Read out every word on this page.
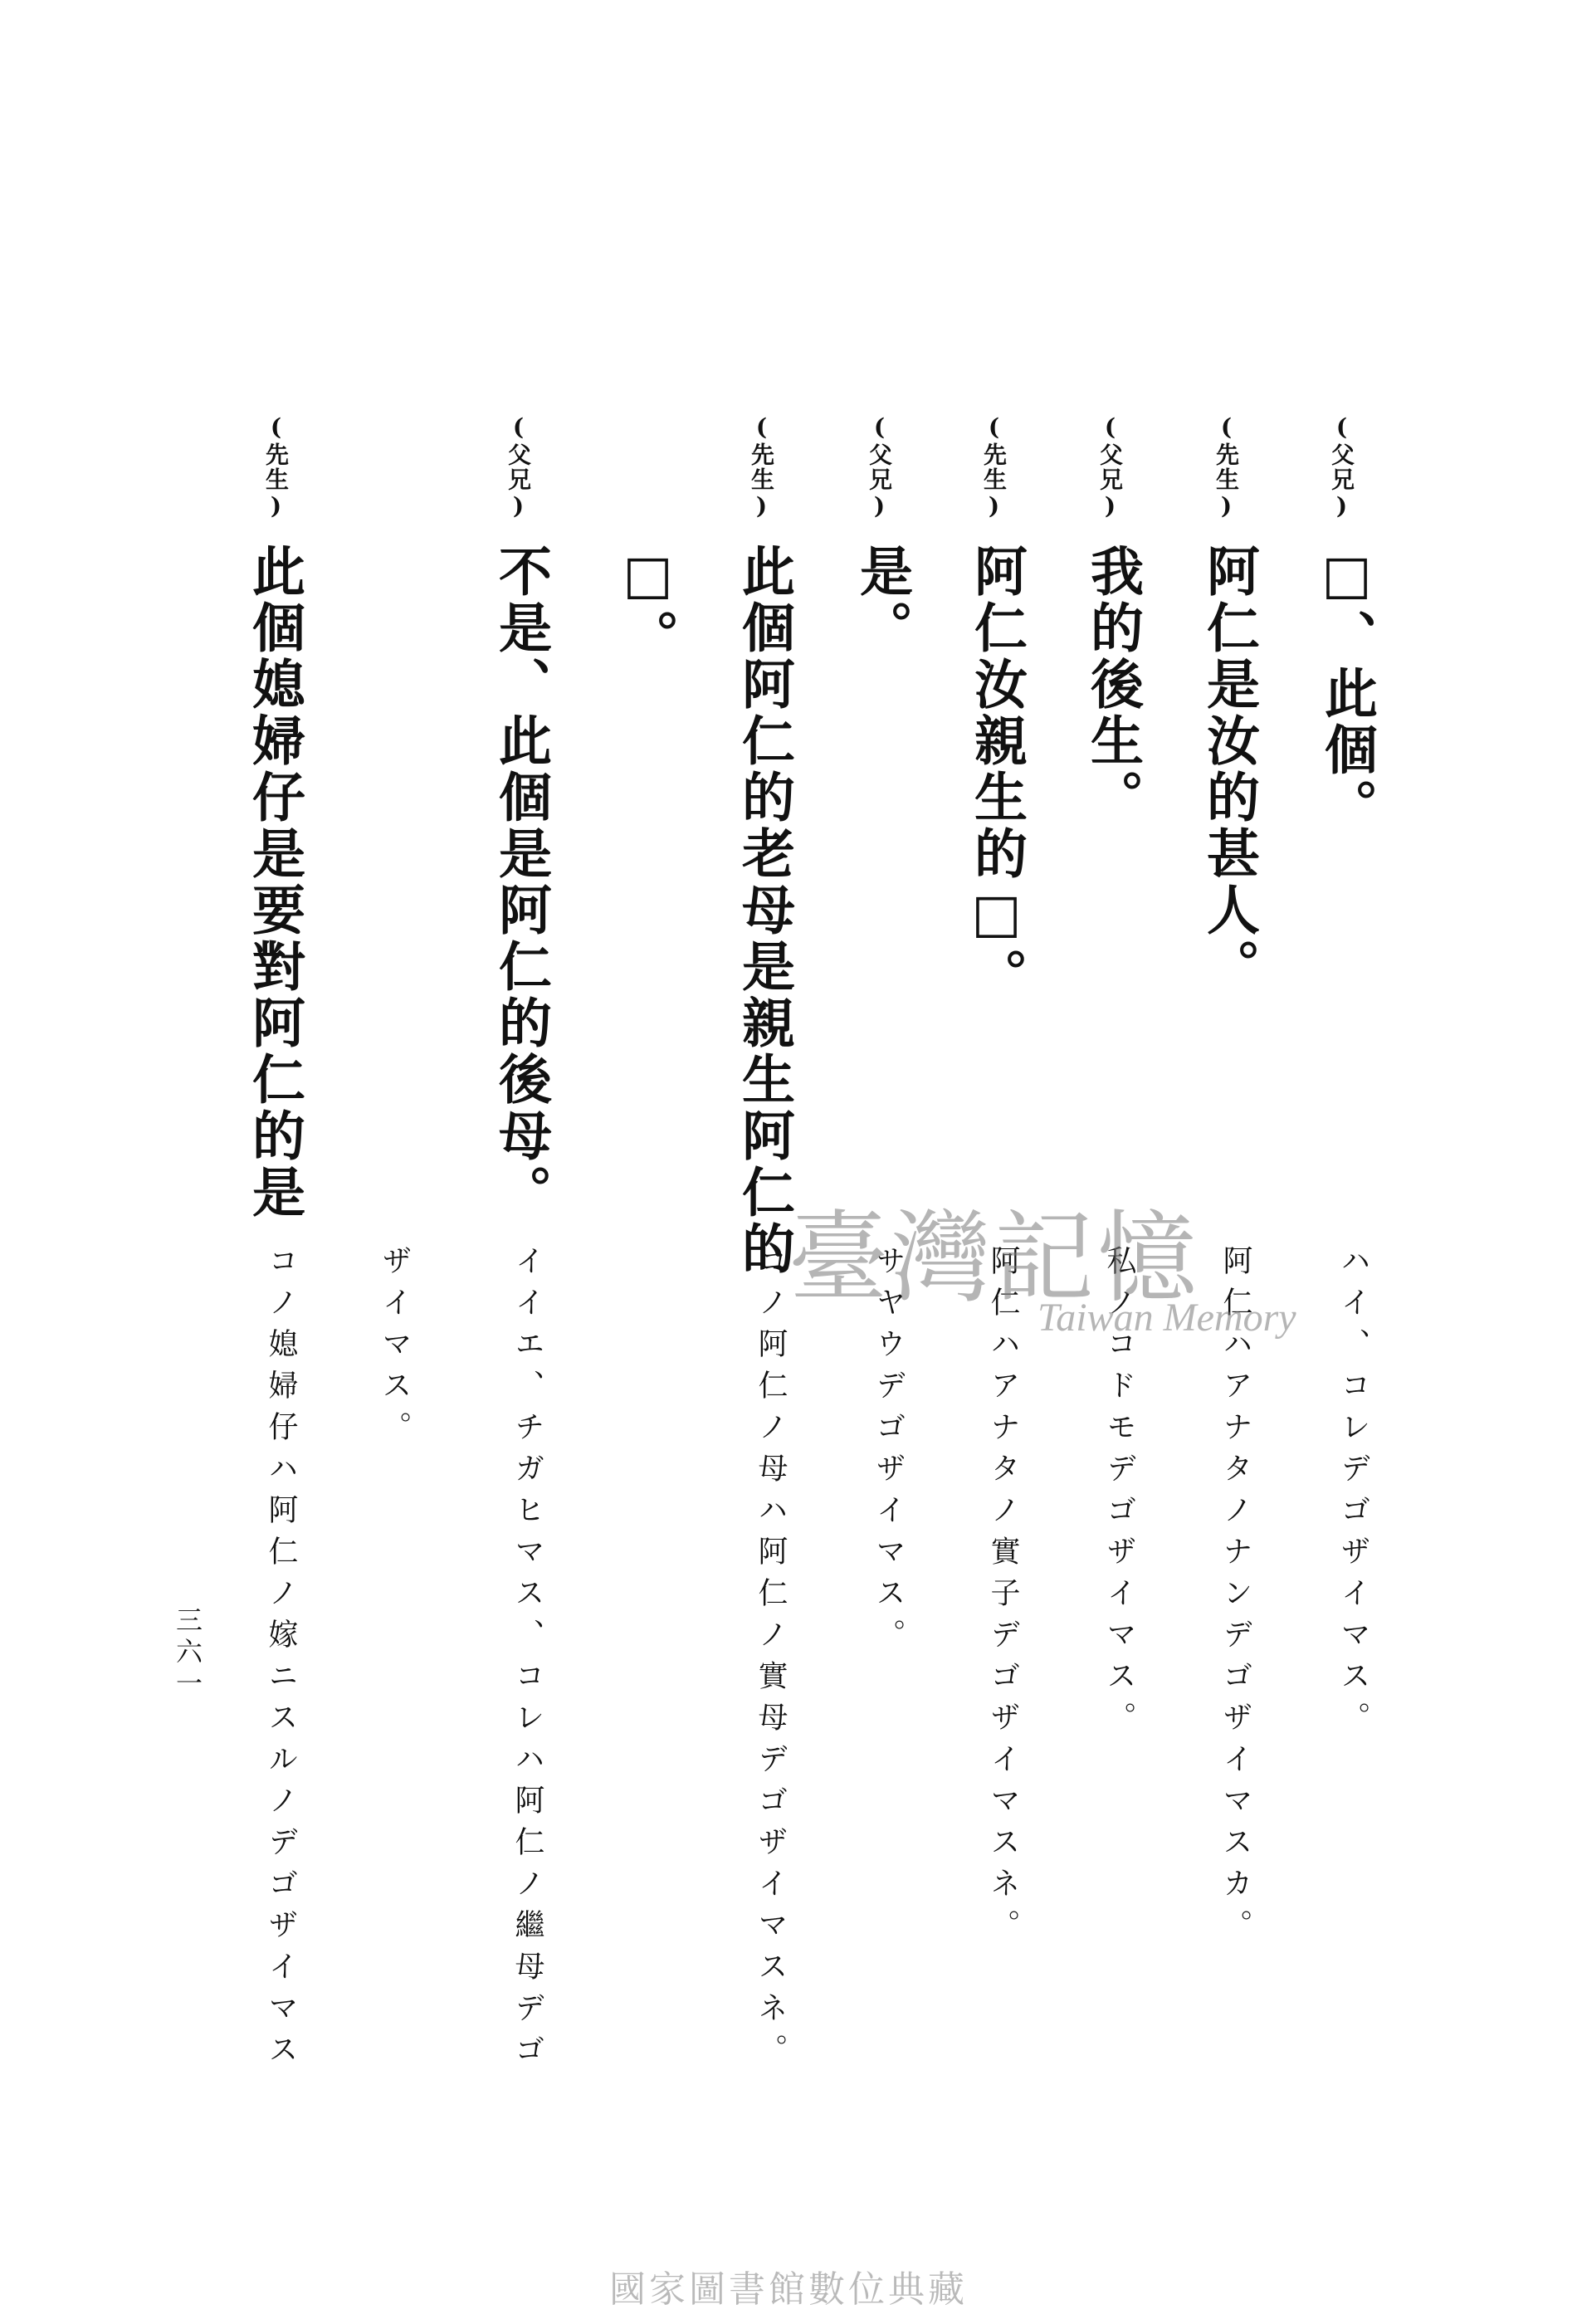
(父兄)
□、此個。
ハイ、コレデゴザイマス。
(先生)
阿仁是汝的甚人。
阿仁ハアナタノナンデゴザイマスカ。
(父兄)
我的後生。
私ノコドモデゴザイマス。
(先生)
阿仁汝親生的□。
阿仁ハアナタノ實子デゴザイマスネ。
(父兄)
是。
サヤウデゴザイマス。
(先生)
此個阿仁的老母是親生阿仁的
□。
コノ阿仁ノ母ハ阿仁ノ實母デゴザイマスネ。
(父兄)
不是、此個是阿仁的後母。
イイエ、チガヒマス、コレハ阿仁ノ繼母デゴ
ザイマス。
(先生)
此個媳婦仔是要對阿仁的是
コノ媳婦仔ハ阿仁ノ嫁ニスルノデゴザイマス
三六一
臺灣記憶
Taiwan Memory
國家圖書館數位典藏
